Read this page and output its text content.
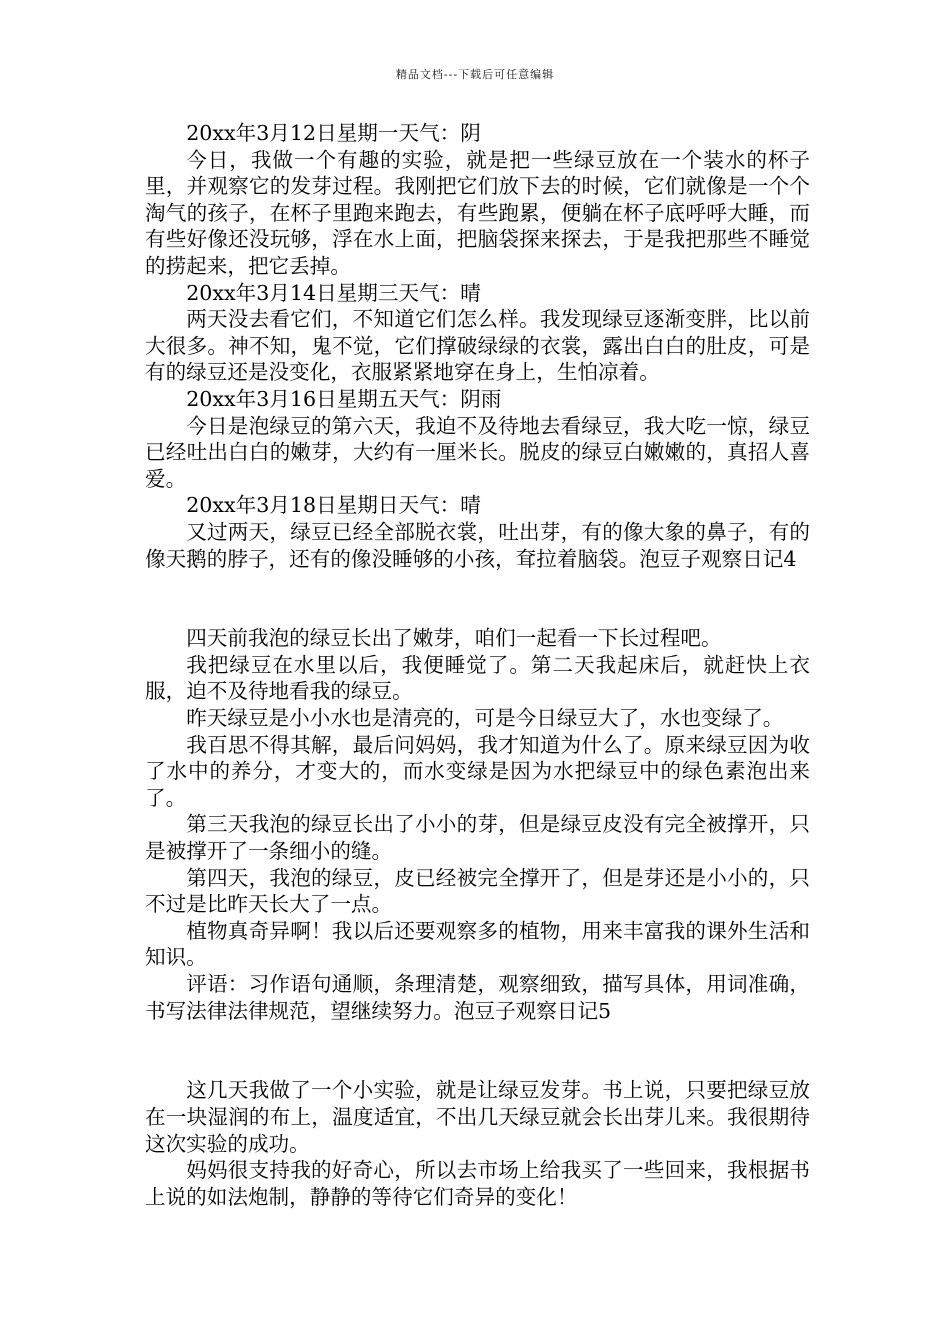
精品文档---下载后可任意编辑

20xx年3月12日星期一天气：阴

今日，我做一个有趣的实验，就是把一些绿豆放在一个装水的杯子里，并观察它的发芽过程。我刚把它们放下去的时候，它们就像是一个个淘气的孩子，在杯子里跑来跑去，有些跑累，便躺在杯子底呼呼大睡，而有些好像还没玩够，浮在水上面，把脑袋探来探去，于是我把那些不睡觉的捞起来，把它丢掉。

20xx年3月14日星期三天气：晴

两天没去看它们，不知道它们怎么样。我发现绿豆逐渐变胖，比以前大很多。神不知，鬼不觉，它们撑破绿绿的衣裳，露出白白的肚皮，可是有的绿豆还是没变化，衣服紧紧地穿在身上，生怕凉着。

20xx年3月16日星期五天气：阴雨

今日是泡绿豆的第六天，我迫不及待地去看绿豆，我大吃一惊，绿豆已经吐出白白的嫩芽，大约有一厘米长。脱皮的绿豆白嫩嫩的，真招人喜爱。

20xx年3月18日星期日天气：晴

又过两天，绿豆已经全部脱衣裳，吐出芽，有的像大象的鼻子，有的像天鹅的脖子，还有的像没睡够的小孩，耷拉着脑袋。泡豆子观察日记4

四天前我泡的绿豆长出了嫩芽，咱们一起看一下长过程吧。

我把绿豆在水里以后，我便睡觉了。第二天我起床后，就赶快上衣服，迫不及待地看我的绿豆。

昨天绿豆是小小水也是清亮的，可是今日绿豆大了，水也变绿了。

我百思不得其解，最后问妈妈，我才知道为什么了。原来绿豆因为收了水中的养分，才变大的，而水变绿是因为水把绿豆中的绿色素泡出来了。

第三天我泡的绿豆长出了小小的芽，但是绿豆皮没有完全被撑开，只是被撑开了一条细小的缝。

第四天，我泡的绿豆，皮已经被完全撑开了，但是芽还是小小的，只不过是比昨天长大了一点。

植物真奇异啊！我以后还要观察多的植物，用来丰富我的课外生活和知识。

评语：习作语句通顺，条理清楚，观察细致，描写具体，用词准确，书写法律法律规范，望继续努力。泡豆子观察日记5

这几天我做了一个小实验，就是让绿豆发芽。书上说，只要把绿豆放在一块湿润的布上，温度适宜，不出几天绿豆就会长出芽儿来。我很期待这次实验的成功。

妈妈很支持我的好奇心，所以去市场上给我买了一些回来，我根据书上说的如法炮制，静静的等待它们奇异的变化！
